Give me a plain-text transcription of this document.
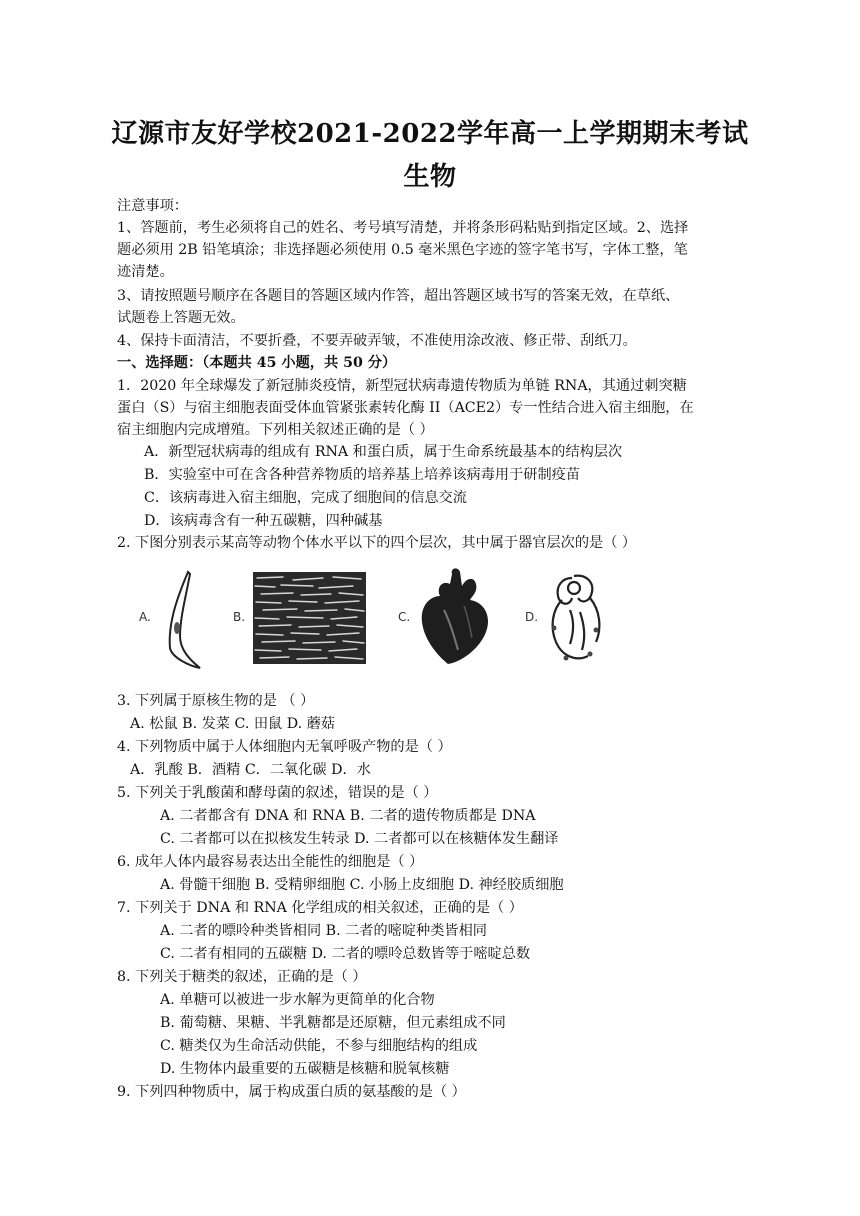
辽源市友好学校2021-2022学年高一上学期期末考试
生物
注意事项：
1、答题前，考生必须将自己的姓名、考号填写清楚，并将条形码粘贴到指定区域。2、选择
题必须用 2B 铅笔填涂；非选择题必须使用 0.5 毫米黑色字迹的签字笔书写，字体工整，笔
迹清楚。
3、请按照题号顺序在各题目的答题区域内作答，超出答题区域书写的答案无效，在草纸、
试题卷上答题无效。
4、保持卡面清洁，不要折叠，不要弄破弄皱，不准使用涂改液、修正带、刮纸刀。
一、选择题：（本题共 45 小题，共 50 分）
1．2020 年全球爆发了新冠肺炎疫情，新型冠状病毒遗传物质为单链 RNA，其通过刺突糖
蛋白（S）与宿主细胞表面受体血管紧张素转化酶 II（ACE2）专一性结合进入宿主细胞，在
宿主细胞内完成增殖。下列相关叙述正确的是（ ）
A．新型冠状病毒的组成有 RNA 和蛋白质，属于生命系统最基本的结构层次
B．实验室中可在含各种营养物质的培养基上培养该病毒用于研制疫苗
C．该病毒进入宿主细胞，完成了细胞间的信息交流
D．该病毒含有一种五碳糖，四种碱基
2. 下图分别表示某高等动物个体水平以下的四个层次，其中属于器官层次的是（ ）
A.	B.	C.	D.
3. 下列属于原核生物的是 （ ）
A. 松鼠 B. 发菜 C. 田鼠 D. 蘑菇
4. 下列物质中属于人体细胞内无氧呼吸产物的是（ ）
A．乳酸 B．酒精 C．二氧化碳 D．水
5. 下列关于乳酸菌和酵母菌的叙述，错误的是（ ）
A. 二者都含有 DNA 和 RNA B. 二者的遗传物质都是 DNA
C. 二者都可以在拟核发生转录 D. 二者都可以在核糖体发生翻译
6. 成年人体内最容易表达出全能性的细胞是（ ）
A. 骨髓干细胞 B. 受精卵细胞 C. 小肠上皮细胞 D. 神经胶质细胞
7. 下列关于 DNA 和 RNA 化学组成的相关叙述，正确的是（ ）
A. 二者的嘌呤种类皆相同 B. 二者的嘧啶种类皆相同
C. 二者有相同的五碳糖 D. 二者的嘌呤总数皆等于嘧啶总数
8. 下列关于糖类的叙述，正确的是（ ）
A. 单糖可以被进一步水解为更简单的化合物
B. 葡萄糖、果糖、半乳糖都是还原糖，但元素组成不同
C. 糖类仅为生命活动供能，不参与细胞结构的组成
D. 生物体内最重要的五碳糖是核糖和脱氧核糖
9. 下列四种物质中，属于构成蛋白质的氨基酸的是（ ）
